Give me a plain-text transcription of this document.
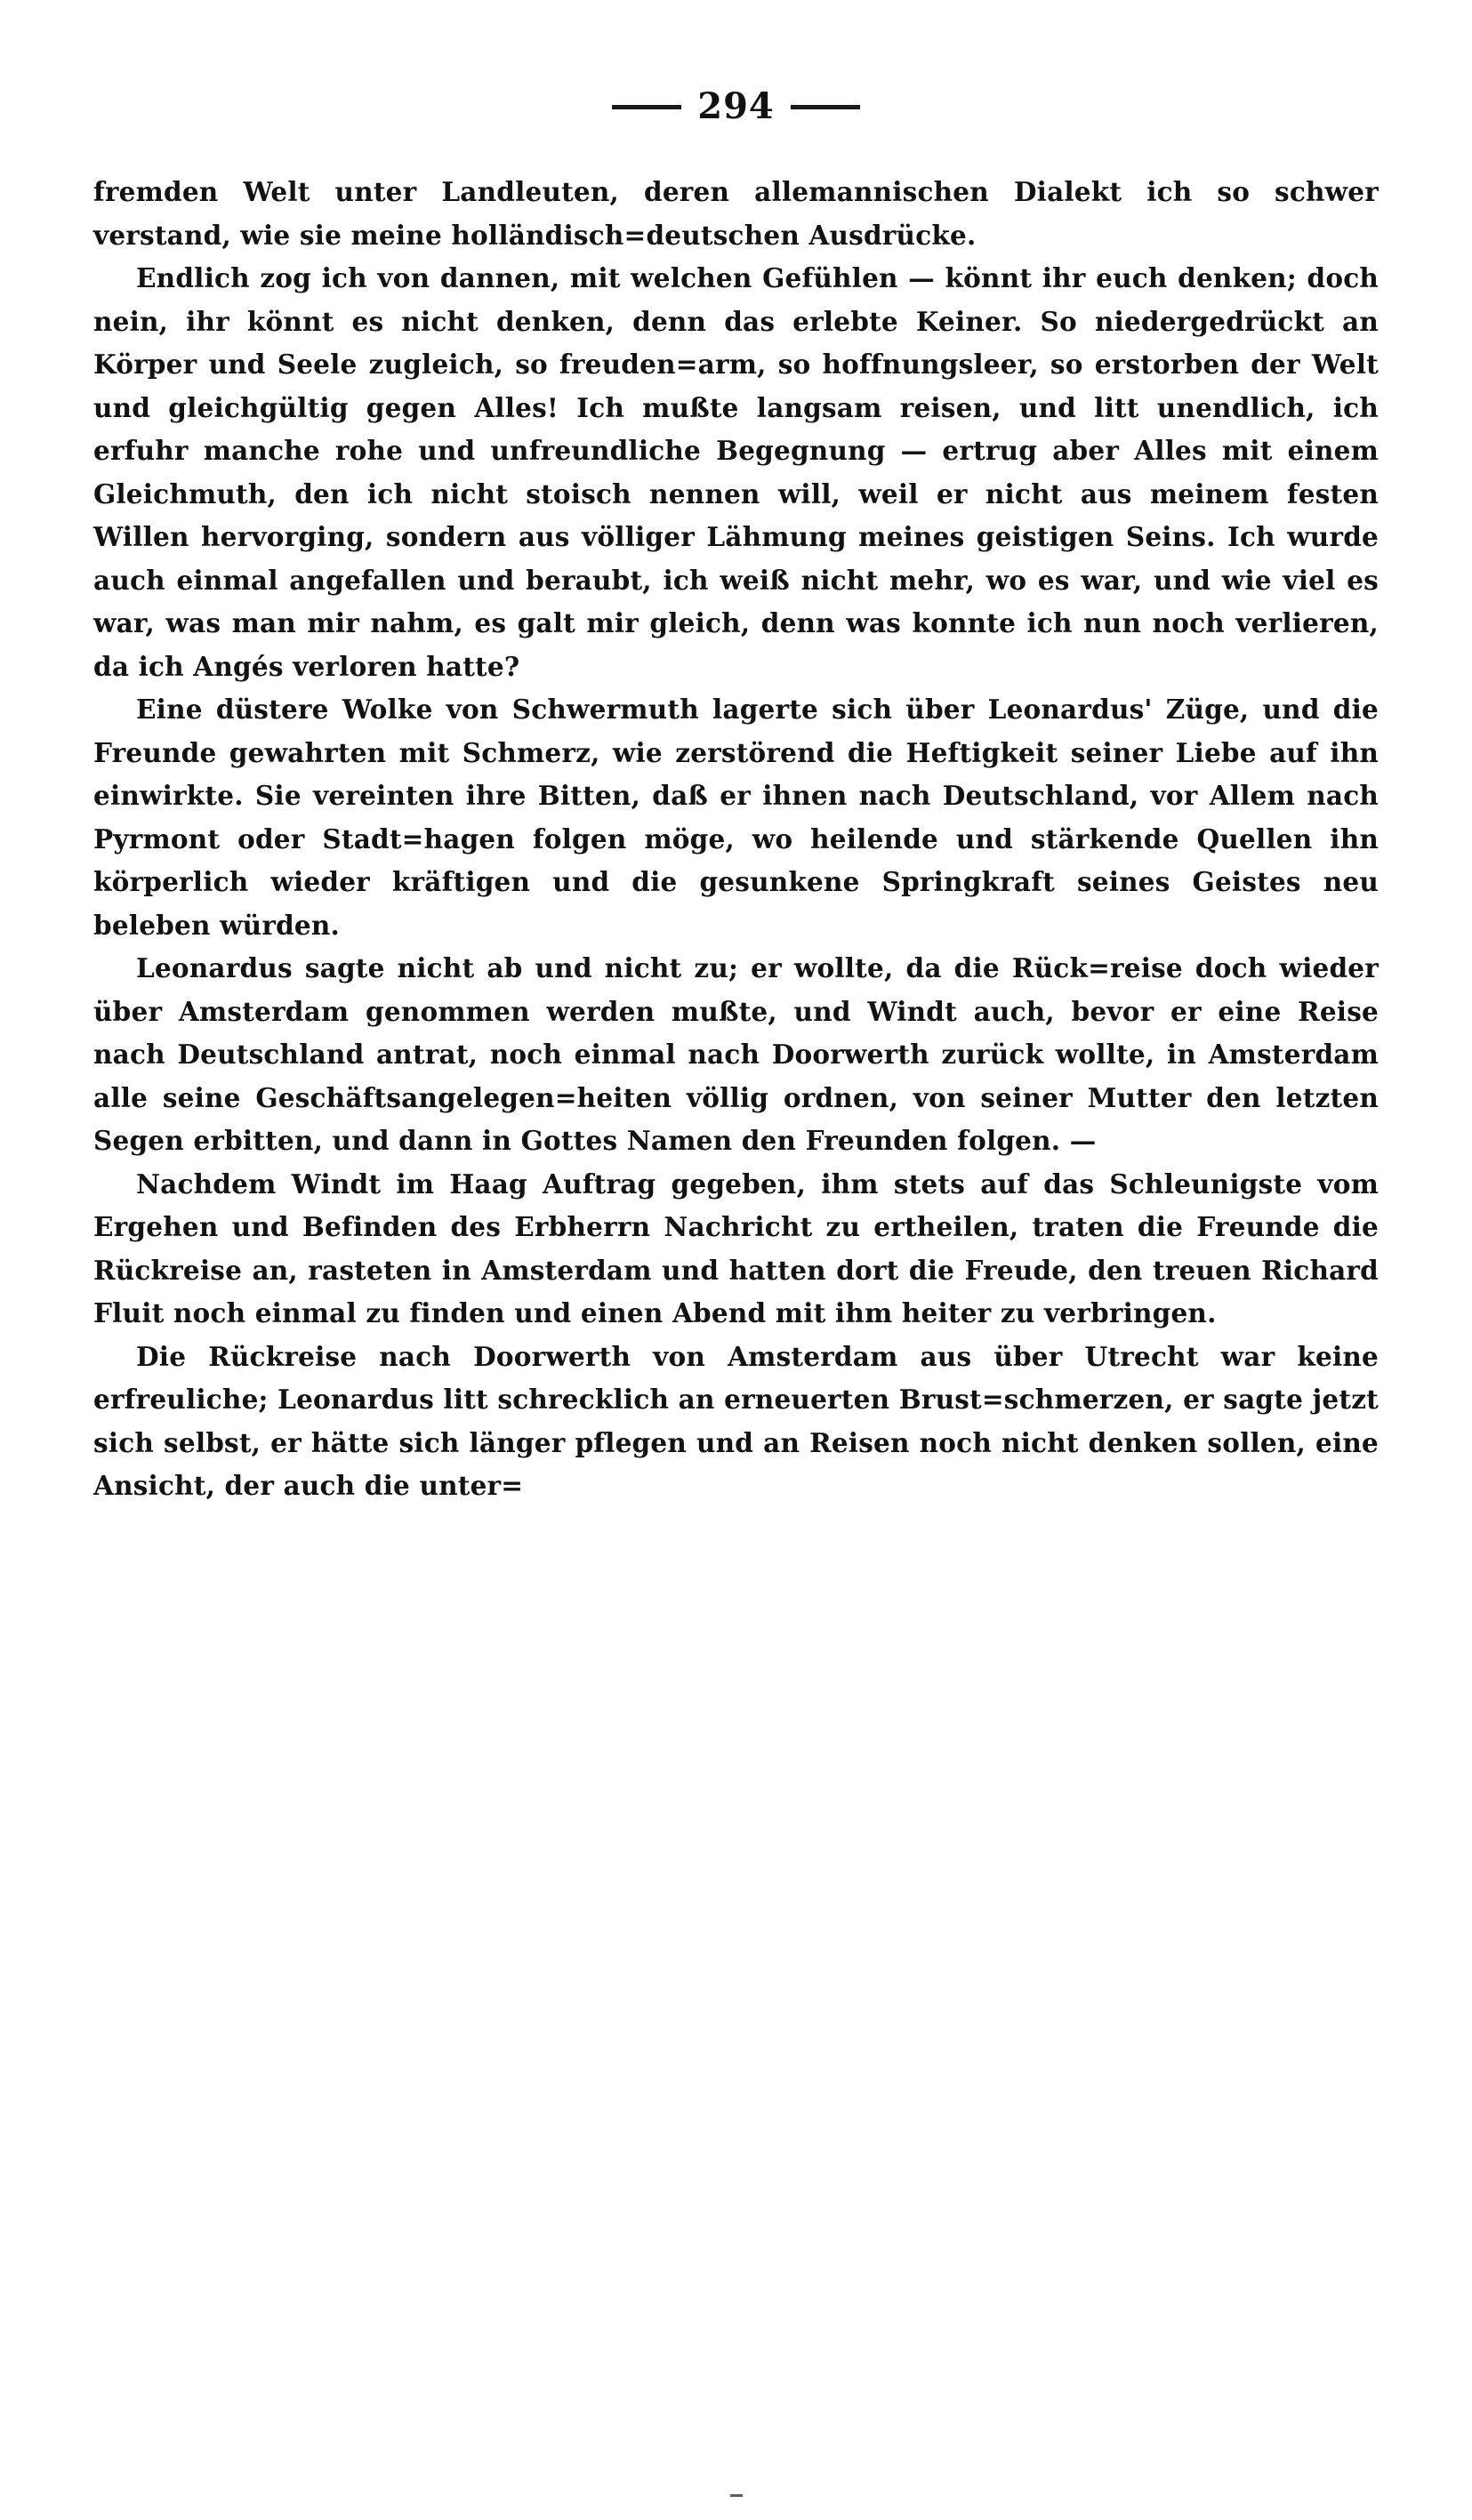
294

fremden Welt unter Landleuten, deren allemannischen Dialekt ich so schwer verstand, wie sie meine holländisch=deutschen Ausdrücke.

Endlich zog ich von dannen, mit welchen Gefühlen — könnt ihr euch denken; doch nein, ihr könnt es nicht denken, denn das erlebte Keiner. So niedergedrückt an Körper und Seele zugleich, so freuden=arm, so hoffnungsleer, so erstorben der Welt und gleichgültig gegen Alles! Ich mußte langsam reisen, und litt unendlich, ich erfuhr manche rohe und unfreundliche Begegnung — ertrug aber Alles mit einem Gleichmuth, den ich nicht stoisch nennen will, weil er nicht aus meinem festen Willen hervorging, sondern aus völliger Lähmung meines geistigen Seins. Ich wurde auch einmal angefallen und beraubt, ich weiß nicht mehr, wo es war, und wie viel es war, was man mir nahm, es galt mir gleich, denn was konnte ich nun noch verlieren, da ich Angés verloren hatte?

Eine düstere Wolke von Schwermuth lagerte sich über Leonardus' Züge, und die Freunde gewahrten mit Schmerz, wie zerstörend die Heftigkeit seiner Liebe auf ihn einwirkte. Sie vereinten ihre Bitten, daß er ihnen nach Deutschland, vor Allem nach Pyrmont oder Stadt=hagen folgen möge, wo heilende und stärkende Quellen ihn körperlich wieder kräftigen und die gesunkene Springkraft seines Geistes neu beleben würden.

Leonardus sagte nicht ab und nicht zu; er wollte, da die Rück=reise doch wieder über Amsterdam genommen werden mußte, und Windt auch, bevor er eine Reise nach Deutschland antrat, noch einmal nach Doorwerth zurück wollte, in Amsterdam alle seine Geschäftsangelegen=heiten völlig ordnen, von seiner Mutter den letzten Segen erbitten, und dann in Gottes Namen den Freunden folgen. —

Nachdem Windt im Haag Auftrag gegeben, ihm stets auf das Schleunigste vom Ergehen und Befinden des Erbherrn Nachricht zu ertheilen, traten die Freunde die Rückreise an, rasteten in Amsterdam und hatten dort die Freude, den treuen Richard Fluit noch einmal zu finden und einen Abend mit ihm heiter zu verbringen.

Die Rückreise nach Doorwerth von Amsterdam aus über Utrecht war keine erfreuliche; Leonardus litt schrecklich an erneuerten Brust=schmerzen, er sagte jetzt sich selbst, er hätte sich länger pflegen und an Reisen noch nicht denken sollen, eine Ansicht, der auch die unter=
